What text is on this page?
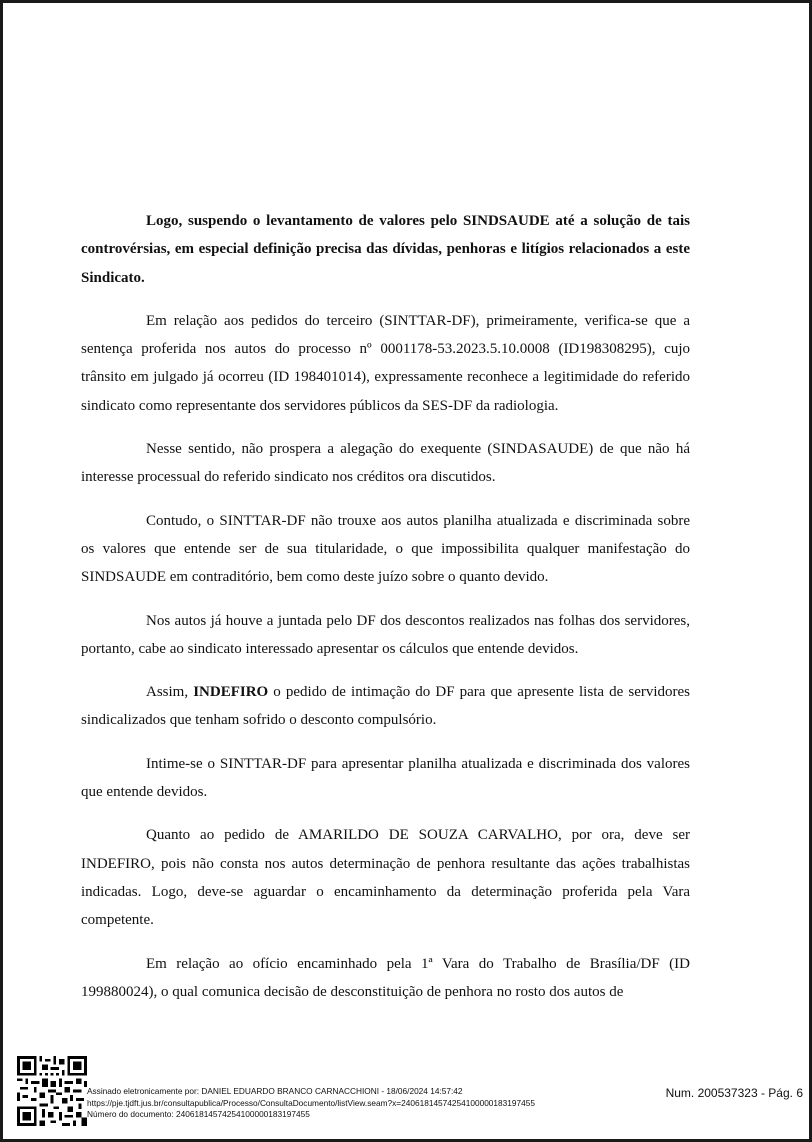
Logo, suspendo o levantamento de valores pelo SINDSAUDE até a solução de tais controvérsias, em especial definição precisa das dívidas, penhoras e litígios relacionados a este Sindicato.

Em relação aos pedidos do terceiro (SINTTAR-DF), primeiramente, verifica-se que a sentença proferida nos autos do processo nº 0001178-53.2023.5.10.0008 (ID198308295), cujo trânsito em julgado já ocorreu (ID 198401014), expressamente reconhece a legitimidade do referido sindicato como representante dos servidores públicos da SES-DF da radiologia.

Nesse sentido, não prospera a alegação do exequente (SINDASAUDE) de que não há interesse processual do referido sindicato nos créditos ora discutidos.

Contudo, o SINTTAR-DF não trouxe aos autos planilha atualizada e discriminada sobre os valores que entende ser de sua titularidade, o que impossibilita qualquer manifestação do SINDSAUDE em contraditório, bem como deste juízo sobre o quanto devido.

Nos autos já houve a juntada pelo DF dos descontos realizados nas folhas dos servidores, portanto, cabe ao sindicato interessado apresentar os cálculos que entende devidos.

Assim, INDEFIRO o pedido de intimação do DF para que apresente lista de servidores sindicalizados que tenham sofrido o desconto compulsório.

Intime-se o SINTTAR-DF para apresentar planilha atualizada e discriminada dos valores que entende devidos.

Quanto ao pedido de AMARILDO DE SOUZA CARVALHO, por ora, deve ser INDEFIRO, pois não consta nos autos determinação de penhora resultante das ações trabalhistas indicadas. Logo, deve-se aguardar o encaminhamento da determinação proferida pela Vara competente.

Em relação ao ofício encaminhado pela 1ª Vara do Trabalho de Brasília/DF (ID 199880024), o qual comunica decisão de desconstituição de penhora no rosto dos autos de

Assinado eletronicamente por: DANIEL EDUARDO BRANCO CARNACCHIONI - 18/06/2024 14:57:42
https://pje.tjdft.jus.br/consultapublica/Processo/ConsultaDocumento/listView.seam?x=24061814574254100000183197455
Número do documento: 24061814574254100000183197455
Num. 200537323 - Pág. 6
